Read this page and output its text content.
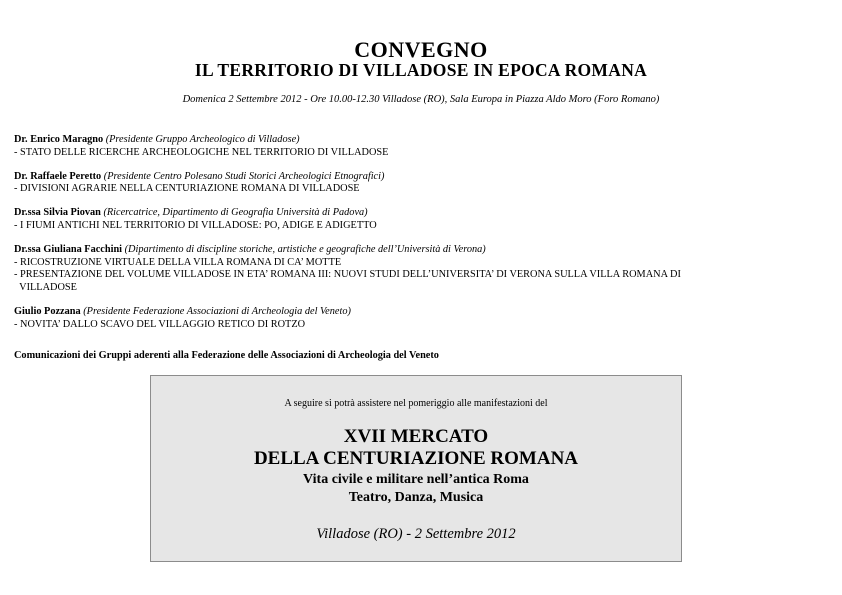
CONVEGNO
IL TERRITORIO DI VILLADOSE IN EPOCA ROMANA
Domenica 2 Settembre 2012 - Ore 10.00-12.30 Villadose (RO), Sala Europa in Piazza Aldo Moro (Foro Romano)
Dr. Enrico Maragno (Presidente Gruppo Archeologico di Villadose)
- STATO DELLE RICERCHE ARCHEOLOGICHE NEL TERRITORIO DI VILLADOSE
Dr. Raffaele Peretto (Presidente Centro Polesano Studi Storici Archeologici Etnografici)
- DIVISIONI AGRARIE NELLA CENTURIAZIONE ROMANA DI VILLADOSE
Dr.ssa Silvia Piovan (Ricercatrice, Dipartimento di Geografia Università di Padova)
- I FIUMI ANTICHI NEL TERRITORIO DI VILLADOSE: PO, ADIGE E ADIGETTO
Dr.ssa Giuliana Facchini (Dipartimento di discipline storiche, artistiche e geografiche dell’Università di Verona)
- RICOSTRUZIONE VIRTUALE DELLA VILLA ROMANA DI CA’ MOTTE
- PRESENTAZIONE DEL VOLUME VILLADOSE IN ETA’ ROMANA III: NUOVI STUDI DELL’UNIVERSITA’ DI VERONA SULLA VILLA ROMANA DI
VILLADOSE
Giulio Pozzana (Presidente Federazione Associazioni di Archeologia del Veneto)
- NOVITA’ DALLO SCAVO DEL VILLAGGIO RETICO DI ROTZO
Comunicazioni dei Gruppi aderenti alla Federazione delle Associazioni di Archeologia del Veneto
A seguire si potrà assistere nel pomeriggio alle manifestazioni del
XVII MERCATO
DELLA CENTURIAZIONE ROMANA
Vita civile e militare nell’antica Roma
Teatro, Danza, Musica
Villadose (RO) - 2 Settembre 2012
